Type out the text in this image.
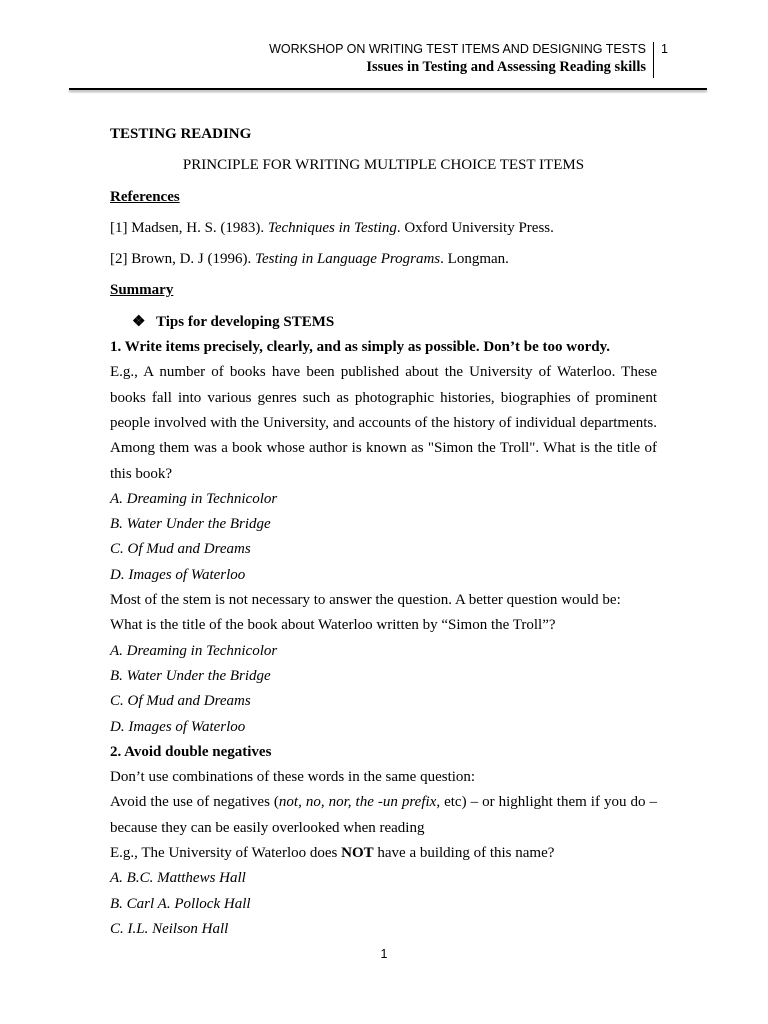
WORKSHOP ON WRITING TEST ITEMS AND DESIGNING TESTS
Issues in Testing and Assessing Reading skills
1

TESTING READING

PRINCIPLE FOR WRITING MULTIPLE CHOICE TEST ITEMS

References

[1] Madsen, H. S. (1983). Techniques in Testing. Oxford University Press.

[2] Brown, D. J (1996). Testing in Language Programs. Longman.

Summary

❖ Tips for developing STEMS

1. Write items precisely, clearly, and as simply as possible. Don’t be too wordy.

E.g., A number of books have been published about the University of Waterloo. These books fall into various genres such as photographic histories, biographies of prominent people involved with the University, and accounts of the history of individual departments. Among them was a book whose author is known as "Simon the Troll". What is the title of this book?

A. Dreaming in Technicolor

B. Water Under the Bridge

C. Of Mud and Dreams

D. Images of Waterloo

Most of the stem is not necessary to answer the question. A better question would be:

What is the title of the book about Waterloo written by “Simon the Troll”?

A. Dreaming in Technicolor

B. Water Under the Bridge

C. Of Mud and Dreams

D. Images of Waterloo

2. Avoid double negatives

Don’t use combinations of these words in the same question:

Avoid the use of negatives (not, no, nor, the -un prefix, etc) – or highlight them if you do – because they can be easily overlooked when reading

E.g., The University of Waterloo does NOT have a building of this name?

A. B.C. Matthews Hall

B. Carl A. Pollock Hall

C. I.L. Neilson Hall

1
